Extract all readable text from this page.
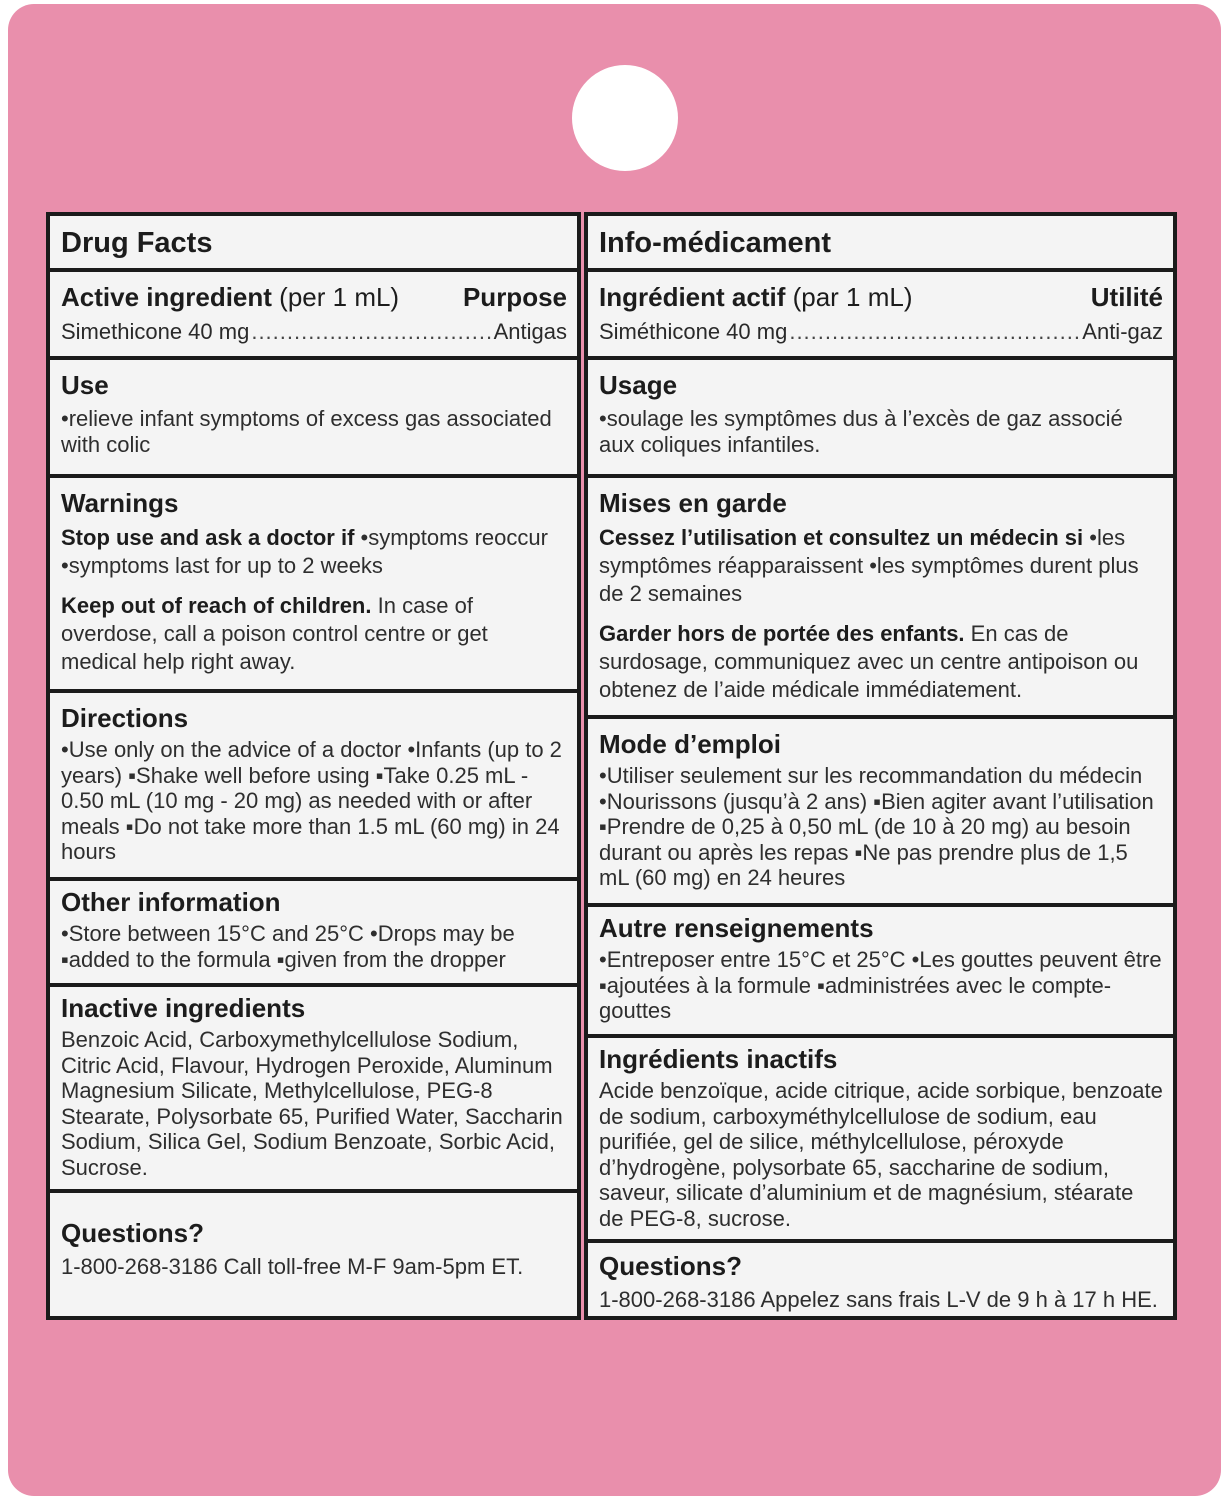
Drug Facts
Active ingredient (per 1 mL) Purpose
Simethicone 40 mg .....	Antigas
Use

•relieve infant symptoms of excess gas associated with colic

Warnings

Stop use and ask a doctor if •symptoms reoccur •symptoms last for up to 2 weeks

Keep out of reach of children. In case of overdose, call a poison control centre or get medical help right away.

Directions

•Use only on the advice of a doctor •Infants (up to 2 years) ▪Shake well before using ▪Take 0.25 mL - 0.50 mL (10 mg - 20 mg) as needed with or after meals ▪Do not take more than 1.5 mL (60 mg) in 24 hours

Other information

•Store between 15°C and 25°C •Drops may be ▪added to the formula ▪given from the dropper

Inactive ingredients

Benzoic Acid, Carboxymethylcellulose Sodium, Citric Acid, Flavour, Hydrogen Peroxide, Aluminum Magnesium Silicate, Methylcellulose, PEG-8 Stearate, Polysorbate 65, Purified Water, Saccharin Sodium, Silica Gel, Sodium Benzoate, Sorbic Acid, Sucrose.

Questions?

1-800-268-3186 Call toll-free M-F 9am-5pm ET.

Info-médicament
Ingrédient actif (par 1 mL)	Utilité
Siméthicone 40 mg .....	Anti-gaz
Usage

•soulage les symptômes dus à l’excès de gaz associé aux coliques infantiles.

Mises en garde

Cessez l’utilisation et consultez un médecin si •les symptômes réapparaissent •les symptômes durent plus de 2 semaines

Garder hors de portée des enfants. En cas de surdosage, communiquez avec un centre antipoison ou obtenez de l’aide médicale immédiatement.

Mode d’emploi

•Utiliser seulement sur les recommandation du médecin •Nourissons (jusqu’à 2 ans) ▪Bien agiter avant l’utilisation ▪Prendre de 0,25 à 0,50 mL (de 10 à 20 mg) au besoin durant ou après les repas ▪Ne pas prendre plus de 1,5 mL (60 mg) en 24 heures

Autre renseignements

•Entreposer entre 15°C et 25°C •Les gouttes peuvent être ▪ajoutées à la formule ▪administrées avec le compte-gouttes

Ingrédients inactifs

Acide benzoïque, acide citrique, acide sorbique, benzoate de sodium, carboxyméthylcellulose de sodium, eau purifiée, gel de silice, méthylcellulose, péroxyde d’hydrogène, polysorbate 65, saccharine de sodium, saveur, silicate d’aluminium et de magnésium, stéarate de PEG-8, sucrose.

Questions?

1-800-268-3186 Appelez sans frais L-V de 9 h à 17 h HE.
